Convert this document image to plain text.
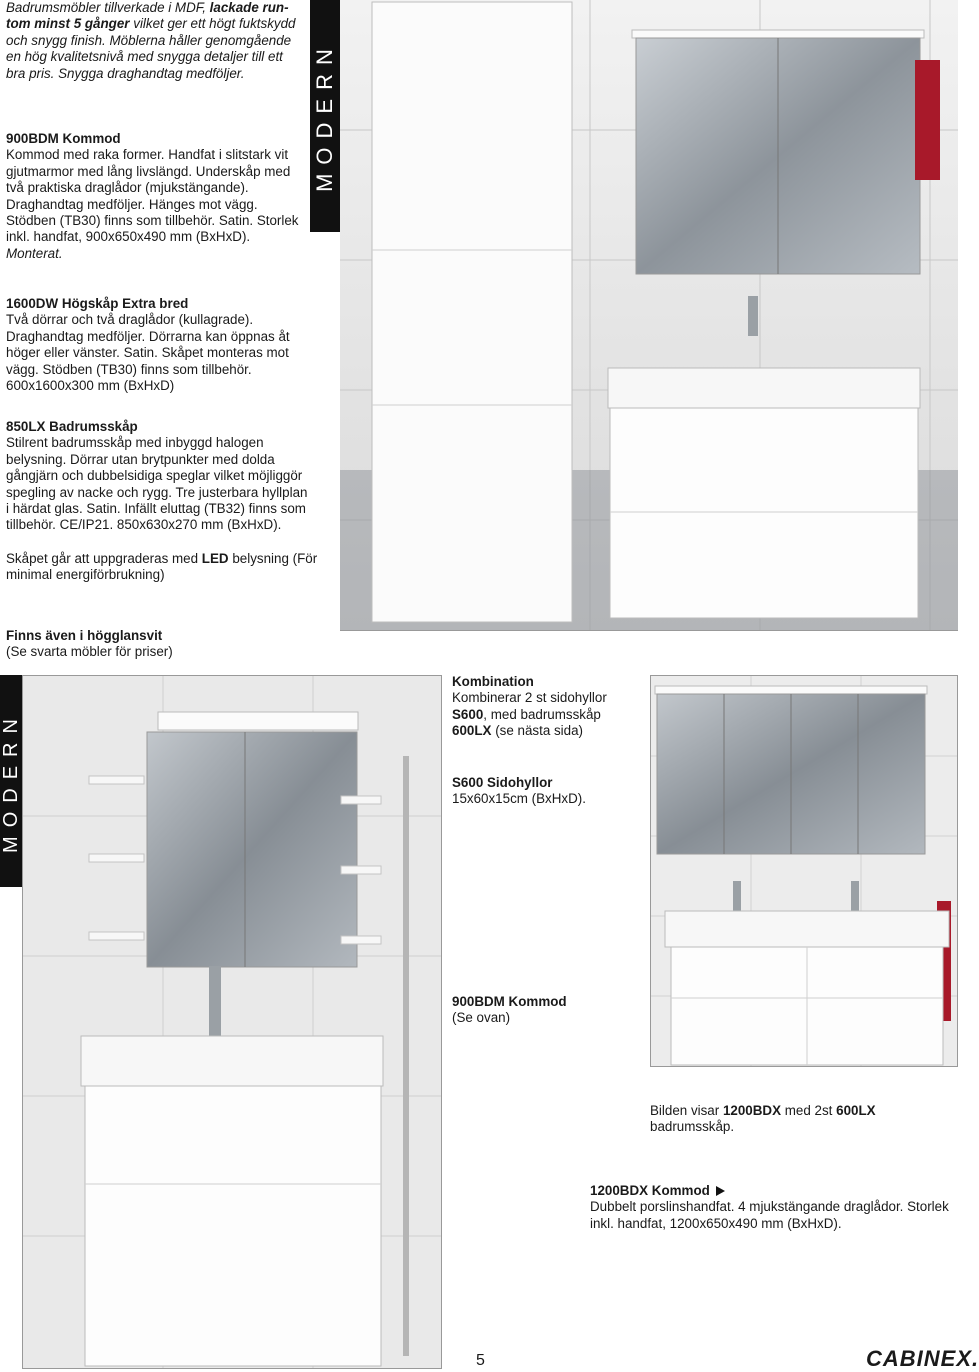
Badrumsmöbler tillverkade i MDF, lackade run-
tom minst 5 gånger vilket ger ett högt fuktskydd
och snygg finish. Möblerna håller genomgående
en hög kvalitetsnivå med snygga detaljer till ett
bra pris. Snygga draghandtag medföljer.
900BDM Kommod
Kommod med raka former. Handfat i slitstark vit
gjutmarmor med lång livslängd. Underskåp med
två praktiska draglådor (mjukstängande).
Draghandtag medföljer. Hänges mot vägg.
Stödben (TB30) finns som tillbehör. Satin. Storlek
inkl. handfat, 900x650x490 mm (BxHxD).
Monterat.
MODERN
1600DW Högskåp Extra bred
Två dörrar och två draglådor (kullagrade).
Draghandtag medföljer. Dörrarna kan öppnas åt
höger eller vänster. Satin. Skåpet monteras mot
vägg. Stödben (TB30) finns som tillbehör.
600x1600x300 mm (BxHxD)
850LX Badrumsskåp
Stilrent badrumsskåp med inbyggd halogen
belysning. Dörrar utan brytpunkter med dolda
gångjärn och dubbelsidiga speglar vilket möjliggör
spegling av nacke och rygg. Tre justerbara hyllplan
i härdat glas. Satin. Infällt eluttag (TB32) finns som
tillbehör. CE/IP21. 850x630x270 mm (BxHxD).
Skåpet går att uppgraderas med LED belysning (För
minimal energiförbrukning)
Finns även i högglansvit
(Se svarta möbler för priser)
MODERN
Kombination
Kombinerar 2 st sidohyllor
S600, med badrumsskåp
600LX (se nästa sida)
S600 Sidohyllor
15x60x15cm (BxHxD).
900BDM Kommod
(Se ovan)
Bilden visar 1200BDX med 2st 600LX
badrumsskåp.
1200BDX Kommod
Dubbelt porslinshandfat. 4 mjukstängande draglådor. Storlek
inkl. handfat, 1200x650x490 mm (BxHxD).
5	CABINEX.
